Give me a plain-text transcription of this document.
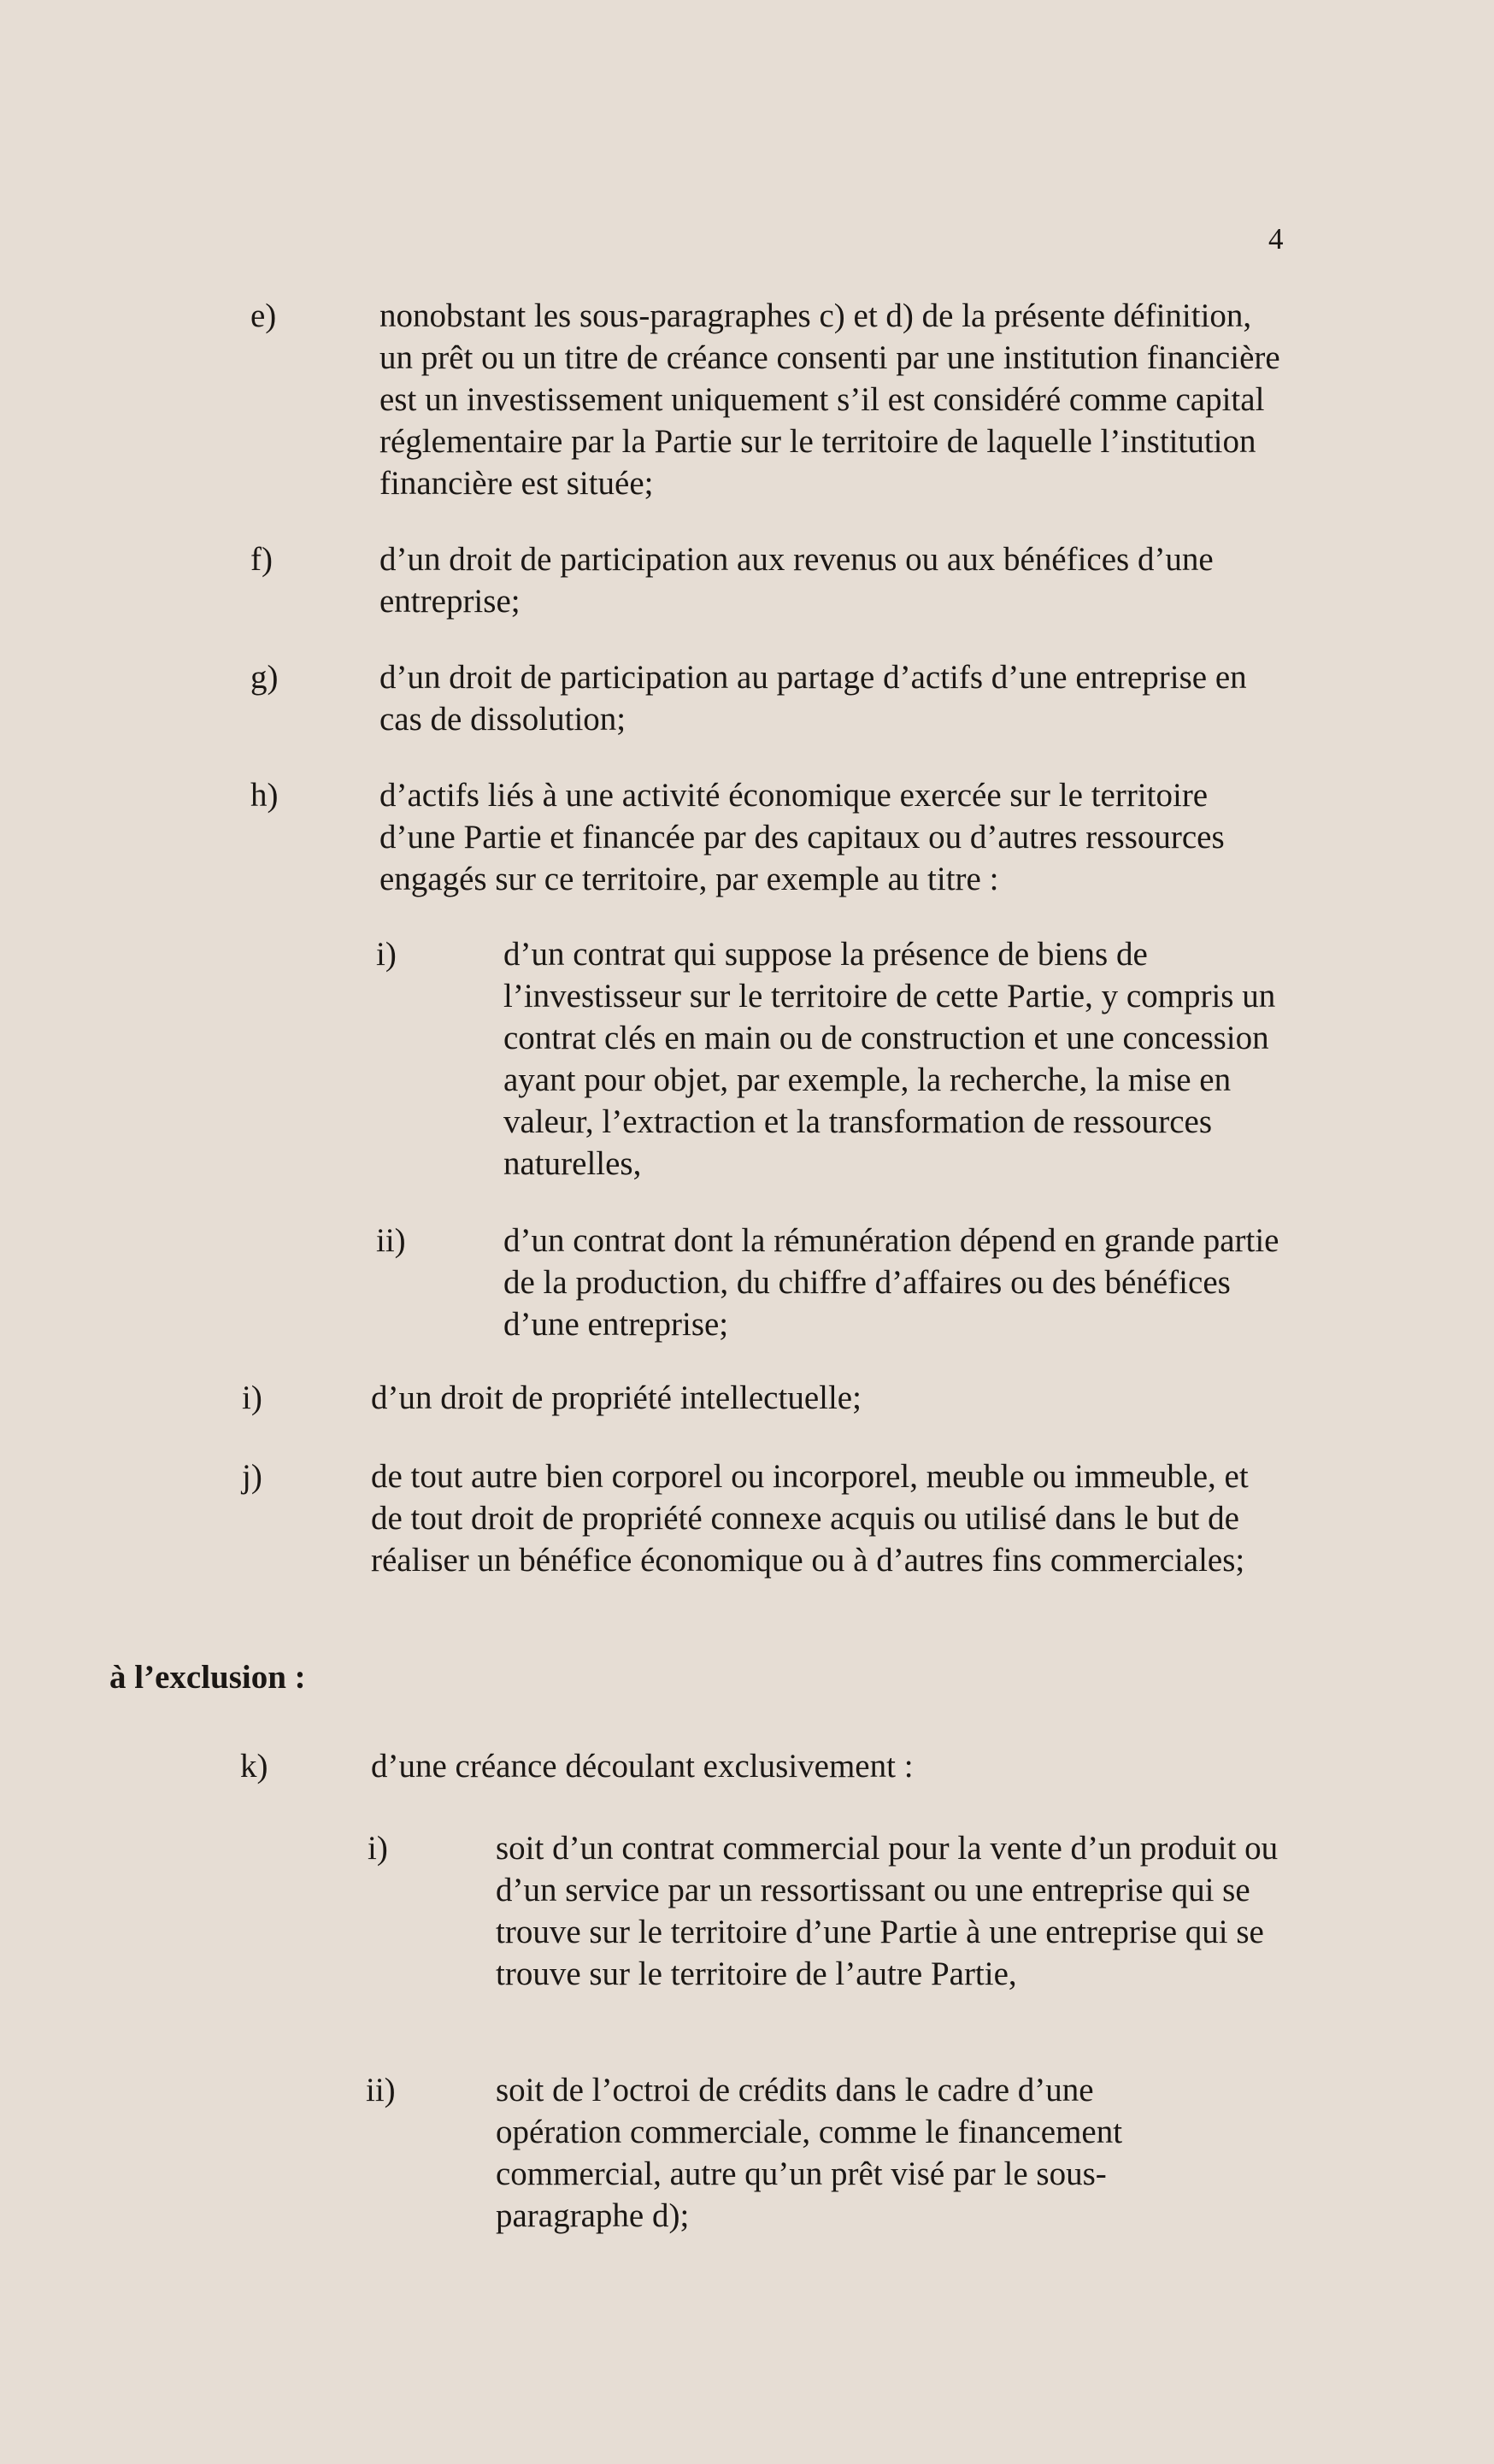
4
e)	nonobstant les sous-paragraphes c) et d) de la présente définition, un prêt ou un titre de créance consenti par une institution financière est un investissement uniquement s’il est considéré comme capital réglementaire par la Partie sur le territoire de laquelle l’institution financière est située;

f)	d’un droit de participation aux revenus ou aux bénéfices d’une entreprise;

g)	d’un droit de participation au partage d’actifs d’une entreprise en cas de dissolution;

h)	d’actifs liés à une activité économique exercée sur le territoire d’une Partie et financée par des capitaux ou d’autres ressources engagés sur ce territoire, par exemple au titre :

i)	d’un contrat qui suppose la présence de biens de l’investisseur sur le territoire de cette Partie, y compris un contrat clés en main ou de construction et une concession ayant pour objet, par exemple, la recherche, la mise en valeur, l’extraction et la transformation de ressources naturelles,

ii)	d’un contrat dont la rémunération dépend en grande partie de la production, du chiffre d’affaires ou des bénéfices d’une entreprise;

i)	d’un droit de propriété intellectuelle;

j)	de tout autre bien corporel ou incorporel, meuble ou immeuble, et de tout droit de propriété connexe acquis ou utilisé dans le but de réaliser un bénéfice économique ou à d’autres fins commerciales;

à l’exclusion :
k)	d’une créance découlant exclusivement :

i)	soit d’un contrat commercial pour la vente d’un produit ou d’un service par un ressortissant ou une entreprise qui se trouve sur le territoire d’une Partie à une entreprise qui se trouve sur le territoire de l’autre Partie,

ii)	soit de l’octroi de crédits dans le cadre d’une opération commerciale, comme le financement commercial, autre qu’un prêt visé par le sous-paragraphe d);
